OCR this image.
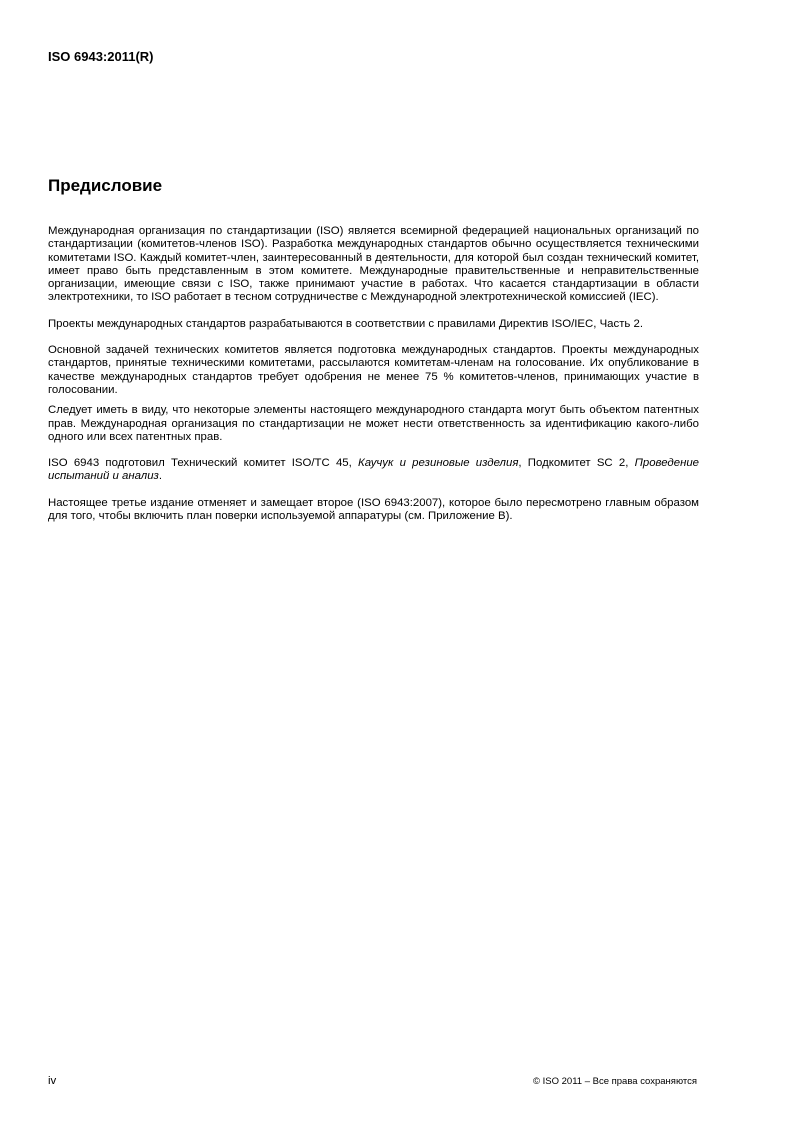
ISO 6943:2011(R)
Предисловие

Международная организация по стандартизации (ISO) является всемирной федерацией национальных организаций по стандартизации (комитетов-членов ISO). Разработка международных стандартов обычно осуществляется техническими комитетами ISO. Каждый комитет-член, заинтересованный в деятельности, для которой был создан технический комитет, имеет право быть представленным в этом комитете. Международные правительственные и неправительственные организации, имеющие связи с ISO, также принимают участие в работах. Что касается стандартизации в области электротехники, то ISO работает в тесном сотрудничестве с Международной электротехнической комиссией (IEC).

Проекты международных стандартов разрабатываются в соответствии с правилами Директив ISO/IEC, Часть 2.

Основной задачей технических комитетов является подготовка международных стандартов. Проекты международных стандартов, принятые техническими комитетами, рассылаются комитетам-членам на голосование. Их опубликование в качестве международных стандартов требует одобрения не менее 75 % комитетов-членов, принимающих участие в голосовании.

Следует иметь в виду, что некоторые элементы настоящего международного стандарта могут быть объектом патентных прав. Международная организация по стандартизации не может нести ответственность за идентификацию какого-либо одного или всех патентных прав.

ISO 6943 подготовил Технический комитет ISO/TC 45, Каучук и резиновые изделия, Подкомитет SC 2, Проведение испытаний и анализ.

Настоящее третье издание отменяет и замещает второе (ISO 6943:2007), которое было пересмотрено главным образом для того, чтобы включить план поверки используемой аппаратуры (см. Приложение В).

iv	© ISO 2011 – Все права сохраняются
